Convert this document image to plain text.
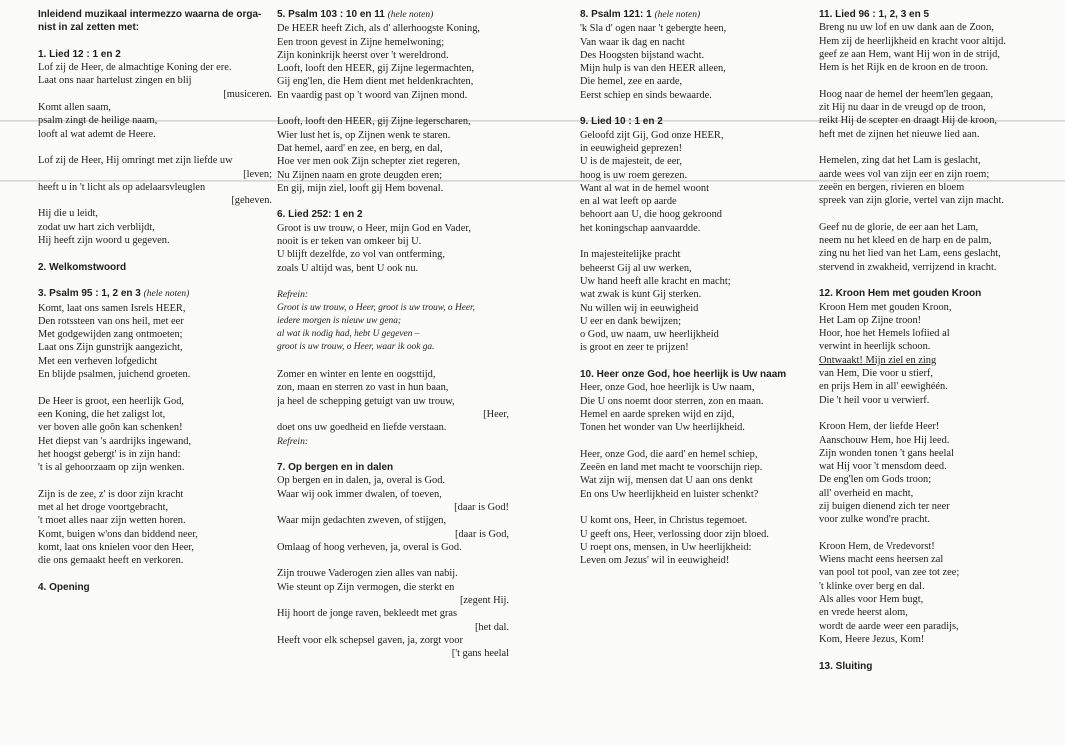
Inleidend muzikaal intermezzo waarna de orga-
nist in zal zetten met:
1. Lied 12 : 1 en 2
Lof zij de Heer, de almachtige Koning der ere.
Laat ons naar hartelust zingen en blij
[musiceren.
Komt allen saam,
psalm zingt de heilige naam,
looft al wat ademt de Heere.
Lof zij de Heer, Hij omringt met zijn liefde uw
[leven;
heeft u in 't licht als op adelaarsvleuglen
[geheven.
Hij die u leidt,
zodat uw hart zich verblijdt,
Hij heeft zijn woord u gegeven.
2. Welkomstwoord
3. Psalm 95 : 1, 2 en 3 (hele noten)
Komt, laat ons samen Isrels HEER,
Den rotssteen van ons heil, met eer
Met godgewijden zang ontmoeten;
Laat ons Zijn gunstrijk aangezicht,
Met een verheven lofgedicht
En blijde psalmen, juichend groeten.
De Heer is groot, een heerlijk God,
een Koning, die het zaligst lot,
ver boven alle goôn kan schenken!
Het diepst van 's aardrijks ingewand,
het hoogst gebergt' is in zijn hand:
't is al gehoorzaam op zijn wenken.
Zijn is de zee, z' is door zijn kracht
met al het droge voortgebracht,
't moet alles naar zijn wetten horen.
Komt, buigen w'ons dan biddend neer,
komt, laat ons knielen voor den Heer,
die ons gemaakt heeft en verkoren.
4. Opening
5. Psalm 103 : 10 en 11 (hele noten)
De HEER heeft Zich, als d' allerhoogste Koning,
Een troon gevest in Zijne hemelwoning;
Zijn koninkrijk heerst over 't wereldrond.
Looft, looft den HEER, gij Zijne legermachten,
Gij eng'len, die Hem dient met heldenkrachten,
En vaardig past op 't woord van Zijnen mond.
Looft, looft den HEER, gij Zijne legerscharen,
Wier lust het is, op Zijnen wenk te staren.
Dat hemel, aard' en zee, en berg, en dal,
Hoe ver men ook Zijn schepter ziet regeren,
Nu Zijnen naam en grote deugden eren;
En gij, mijn ziel, looft gij Hem bovenal.
6. Lied 252: 1 en 2
Groot is uw trouw, o Heer, mijn God en Vader,
nooit is er teken van omkeer bij U.
U blijft dezelfde, zo vol van ontferming,
zoals U altijd was, bent U ook nu.
Refrein:
Groot is uw trouw, o Heer, groot is uw trouw, o Heer,
iedere morgen is nieuw uw gena;
al wat ik nodig had, hebt U gegeven –
groot is uw trouw, o Heer, waar ik ook ga.
Zomer en winter en lente en oogsttijd,
zon, maan en sterren zo vast in hun baan,
ja heel de schepping getuigt van uw trouw,
[Heer,
doet ons uw goedheid en liefde verstaan.
Refrein:
7. Op bergen en in dalen
Op bergen en in dalen, ja, overal is God.
Waar wij ook immer dwalen, of toeven,
[daar is God!
Waar mijn gedachten zweven, of stijgen,
[daar is God,
Omlaag of hoog verheven, ja, overal is God.
Zijn trouwe Vaderogen zien alles van nabij.
Wie steunt op Zijn vermogen, die sterkt en
[zegent Hij.
Hij hoort de jonge raven, bekleedt met gras
[het dal.
Heeft voor elk schepsel gaven, ja, zorgt voor
['t gans heelal
8. Psalm 121: 1 (hele noten)
'k Sla d' ogen naar 't gebergte heen,
Van waar ik dag en nacht
Des Hoogsten bijstand wacht.
Mijn hulp is van den HEER alleen,
Die hemel, zee en aarde,
Eerst schiep en sinds bewaarde.
9. Lied 10 : 1 en 2
Geloofd zijt Gij, God onze HEER,
in eeuwigheid geprezen!
U is de majesteit, de eer,
hoog is uw roem gerezen.
Want al wat in de hemel woont
en al wat leeft op aarde
behoort aan U, die hoog gekroond
het koningschap aanvaardde.
In majesteitelijke pracht
beheerst Gij al uw werken,
Uw hand heeft alle kracht en macht;
wat zwak is kunt Gij sterken.
Nu willen wij in eeuwigheid
U eer en dank bewijzen;
o God, uw naam, uw heerlijkheid
is groot en zeer te prijzen!
10. Heer onze God, hoe heerlijk is Uw naam
Heer, onze God, hoe heerlijk is Uw naam,
Die U ons noemt door sterren, zon en maan.
Hemel en aarde spreken wijd en zijd,
Tonen het wonder van Uw heerlijkheid.
Heer, onze God, die aard' en hemel schiep,
Zeeën en land met macht te voorschijn riep.
Wat zijn wij, mensen dat U aan ons denkt
En ons Uw heerlijkheid en luister schenkt?
U komt ons, Heer, in Christus tegemoet.
U geeft ons, Heer, verlossing door zijn bloed.
U roept ons, mensen, in Uw heerlijkheid:
Leven om Jezus' wil in eeuwigheid!
11. Lied 96 : 1, 2, 3 en 5
Breng nu uw lof en uw dank aan de Zoon,
Hem zij de heerlijkheid en kracht voor altijd.
geef ze aan Hem, want Hij won in de strijd,
Hem is het Rijk en de kroon en de troon.
Hoog naar de hemel der heem'len gegaan,
zit Hij nu daar in de vreugd op de troon,
reikt Hij de scepter en draagt Hij de kroon,
heft met de zijnen het nieuwe lied aan.
Hemelen, zing dat het Lam is geslacht,
aarde wees vol van zijn eer en zijn roem;
zeeën en bergen, rivieren en bloem
spreek van zijn glorie, vertel van zijn macht.
Geef nu de glorie, de eer aan het Lam,
neem nu het kleed en de harp en de palm,
zing nu het lied van het Lam, eens geslacht,
stervend in zwakheid, verrijzend in kracht.
12. Kroon Hem met gouden Kroon
Kroon Hem met gouden Kroon,
Het Lam op Zijne troon!
Hoor, hoe het Hemels lofiied al
verwint in heerlijk schoon.
Ontwaakt! Mijn ziel en zing
van Hem, Die voor u stierf,
en prijs Hem in all' eewighéén.
Die 't heil voor u verwierf.
Kroon Hem, der liefde Heer!
Aanschouw Hem, hoe Hij leed.
Zijn wonden tonen 't gans heelal
wat Hij voor 't mensdom deed.
De eng'len om Gods troon;
all' overheid en macht,
zij buigen dienend zich ter neer
voor zulke wond're pracht.
Kroon Hem, de Vredevorst!
Wiens macht eens heersen zal
van pool tot pool, van zee tot zee;
't klinke over berg en dal.
Als alles voor Hem bugt,
en vrede heerst alom,
wordt de aarde weer een paradijs,
Kom, Heere Jezus, Kom!
13. Sluiting
